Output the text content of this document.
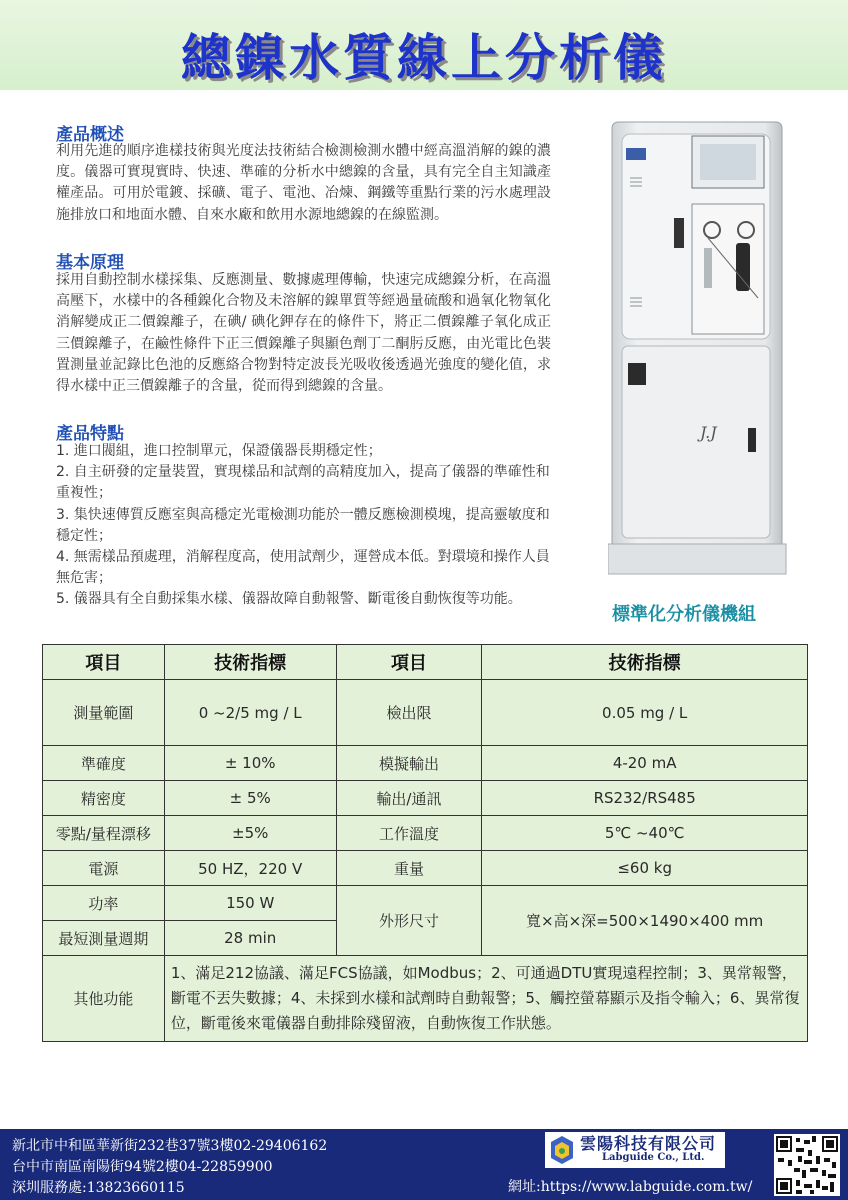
總鎳水質線上分析儀
產品概述
利用先進的順序進樣技術與光度法技術結合檢測檢測水體中經高溫消解的鎳的濃度。儀器可實現實時、快速、準確的分析水中總鎳的含量，具有完全自主知識產權產品。可用於電鍍、採礦、電子、電池、冶煉、鋼鐵等重點行業的污水處理設施排放口和地面水體、自來水廠和飲用水源地總鎳的在線監測。
基本原理
採用自動控制水樣採集、反應測量、數據處理傳輸，快速完成總鎳分析，在高溫高壓下，水樣中的各種鎳化合物及未溶解的鎳單質等經過量硫酸和過氧化物氧化消解變成正二價鎳離子，在碘/ 碘化鉀存在的條件下，將正二價鎳離子氧化成正三價鎳離子，在鹼性條件下正三價鎳離子與顯色劑丁二酮肟反應，由光電比色裝置測量並記錄比色池的反應絡合物對特定波長光吸收後透過光強度的變化值，求得水樣中正三價鎳離子的含量，從而得到總鎳的含量。
產品特點
1. 進口閥組，進口控制單元，保證儀器長期穩定性；
2. 自主研發的定量裝置，實現樣品和試劑的高精度加入，提高了儀器的準確性和重複性；
3. 集快速傳質反應室與高穩定光電檢測功能於一體反應檢測模塊，提高靈敏度和穩定性；
4. 無需樣品預處理，消解程度高，使用試劑少，運營成本低。對環境和操作人員無危害；
5. 儀器具有全自動採集水樣、儀器故障自動報警、斷電後自動恢復等功能。
J.J
標準化分析儀機組
項目	技術指標	項目	技術指標
測量範圍	0 ~2/5 mg / L	檢出限	0.05 mg / L
準確度	± 10%	模擬輸出	4-20 mA
精密度	± 5%	輸出/通訊	RS232/RS485
零點/量程漂移	±5%	工作溫度	5℃ ~40℃
電源	50 HZ，220 V	重量	≤60 kg
功率	150 W	外形尺寸	寬×高×深=500×1490×400 mm
最短測量週期	28 min		
其他功能	1、滿足212協議、滿足FCS協議，如Modbus；2、可通過DTU實現遠程控制；3、異常報警，斷電不丟失數據；4、未採到水樣和試劑時自動報警；5、觸控螢幕顯示及指令輸入；6、異常復位，斷電後來電儀器自動排除殘留液，自動恢復工作狀態。		
新北市中和區華新街232巷37號3樓02-29406162
台中市南區南陽街94號2樓04-22859900
深圳服務處:13823660115
雲陽科技有限公司
Labguide Co., Ltd.
網址:https://www.labguide.com.tw/
